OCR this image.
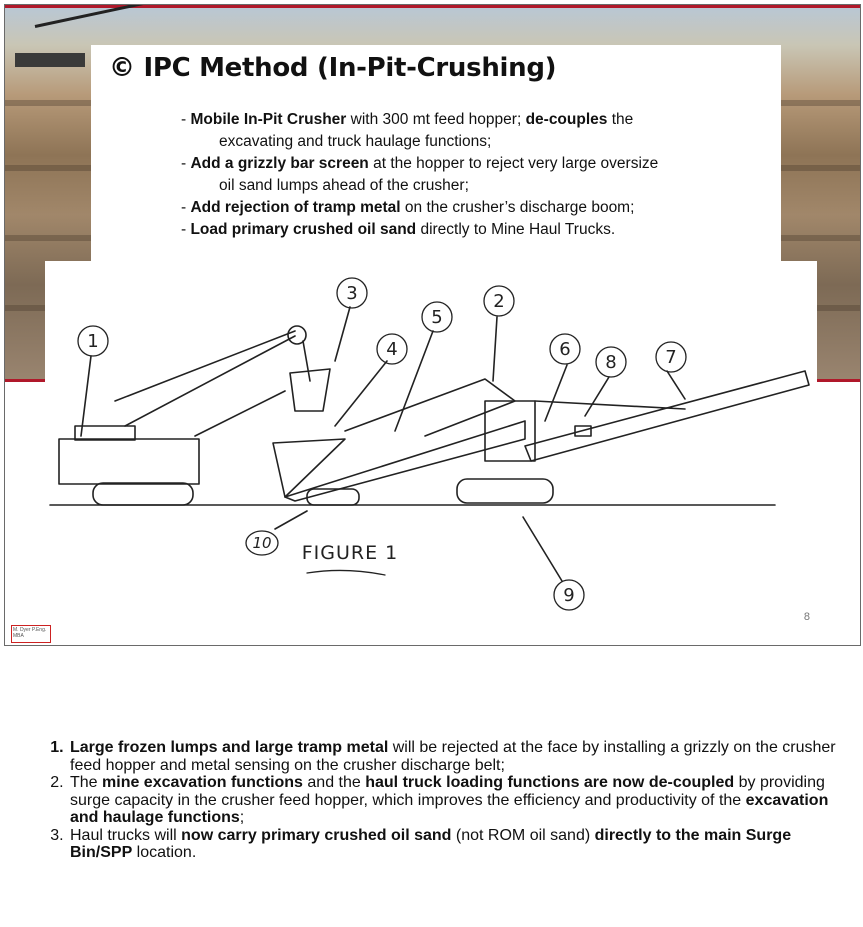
© IPC Method (In-Pit-Crushing)

- Mobile In-Pit Crusher with 300 mt feed hopper; de-couples the

excavating and truck haulage functions;

- Add a grizzly bar screen at the hopper to reject very large oversize

oil sand lumps ahead of the crusher;

- Add rejection of tramp metal on the crusher’s discharge boom;

- Load primary crushed oil sand directly to Mine Haul Trucks.

1
3
5
4
2
6
8	7
10
9
FIGURE 1
8
M. Dyer P.Eng. MBA
1. Large frozen lumps and large tramp metal will be rejected at the face by installing a grizzly on the crusher feed hopper and metal sensing on the crusher discharge belt;
2. The mine excavation functions and the haul truck loading functions are now de-coupled by providing surge capacity in the crusher feed hopper, which improves the efficiency and productivity of the excavation and haulage functions;
3. Haul trucks will now carry primary crushed oil sand (not ROM oil sand) directly to the main Surge Bin/SPP location.
